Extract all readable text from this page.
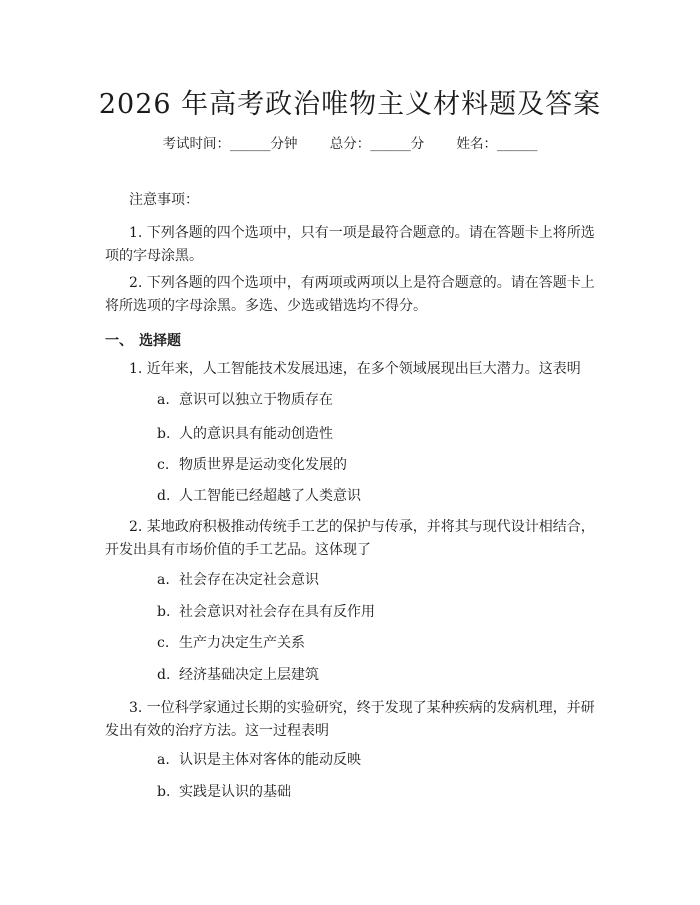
2026 年高考政治唯物主义材料题及答案
考试时间：______分钟 总分：______分 姓名：______
注意事项：
1. 下列各题的四个选项中，只有一项是最符合题意的。请在答题卡上将所选项的字母涂黑。
2. 下列各题的四个选项中，有两项或两项以上是符合题意的。请在答题卡上将所选项的字母涂黑。多选、少选或错选均不得分。
一、 选择题
1. 近年来，人工智能技术发展迅速，在多个领域展现出巨大潜力。这表明
a. 意识可以独立于物质存在
b. 人的意识具有能动创造性
c. 物质世界是运动变化发展的
d. 人工智能已经超越了人类意识
2. 某地政府积极推动传统手工艺的保护与传承，并将其与现代设计相结合，开发出具有市场价值的手工艺品。这体现了
a. 社会存在决定社会意识
b. 社会意识对社会存在具有反作用
c. 生产力决定生产关系
d. 经济基础决定上层建筑
3. 一位科学家通过长期的实验研究，终于发现了某种疾病的发病机理，并研发出有效的治疗方法。这一过程表明
a. 认识是主体对客体的能动反映
b. 实践是认识的基础
